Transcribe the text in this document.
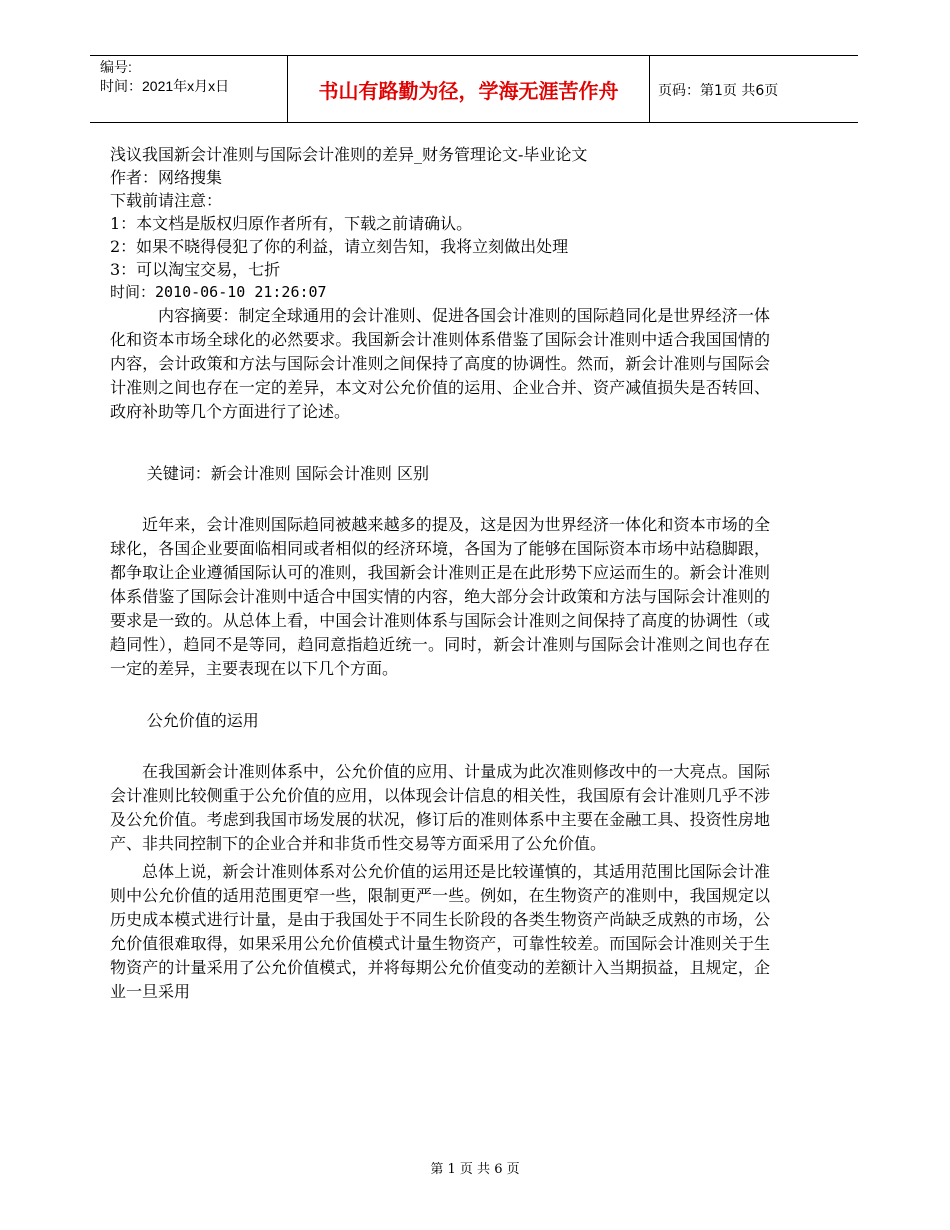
编号:
时间：2021年x月x日	书山有路勤为径，学海无涯苦作舟	页码：第1页 共6页
浅议我国新会计准则与国际会计准则的差异_财务管理论文-毕业论文
作者：网络搜集
下载前请注意：
1：本文档是版权归原作者所有，下载之前请确认。
2：如果不晓得侵犯了你的利益，请立刻告知，我将立刻做出处理
3：可以淘宝交易，七折
时间：2010-06-10 21:26:07
内容摘要：制定全球通用的会计准则、促进各国会计准则的国际趋同化是世界经济一体化和资本市场全球化的必然要求。我国新会计准则体系借鉴了国际会计准则中适合我国国情的内容，会计政策和方法与国际会计准则之间保持了高度的协调性。然而，新会计准则与国际会计准则之间也存在一定的差异，本文对公允价值的运用、企业合并、资产减值损失是否转回、政府补助等几个方面进行了论述。
关键词：新会计准则 国际会计准则 区别
近年来，会计准则国际趋同被越来越多的提及，这是因为世界经济一体化和资本市场的全球化，各国企业要面临相同或者相似的经济环境，各国为了能够在国际资本市场中站稳脚跟，都争取让企业遵循国际认可的准则，我国新会计准则正是在此形势下应运而生的。新会计准则体系借鉴了国际会计准则中适合中国实情的内容，绝大部分会计政策和方法与国际会计准则的要求是一致的。从总体上看，中国会计准则体系与国际会计准则之间保持了高度的协调性（或趋同性），趋同不是等同，趋同意指趋近统一。同时，新会计准则与国际会计准则之间也存在一定的差异，主要表现在以下几个方面。
公允价值的运用
在我国新会计准则体系中，公允价值的应用、计量成为此次准则修改中的一大亮点。国际会计准则比较侧重于公允价值的应用，以体现会计信息的相关性，我国原有会计准则几乎不涉及公允价值。考虑到我国市场发展的状况，修订后的准则体系中主要在金融工具、投资性房地产、非共同控制下的企业合并和非货币性交易等方面采用了公允价值。
总体上说，新会计准则体系对公允价值的运用还是比较谨慎的，其适用范围比国际会计准则中公允价值的适用范围更窄一些，限制更严一些。例如，在生物资产的准则中，我国规定以历史成本模式进行计量，是由于我国处于不同生长阶段的各类生物资产尚缺乏成熟的市场，公允价值很难取得，如果采用公允价值模式计量生物资产，可靠性较差。而国际会计准则关于生物资产的计量采用了公允价值模式，并将每期公允价值变动的差额计入当期损益，且规定，企业一旦采用
第 1 页 共 6 页
